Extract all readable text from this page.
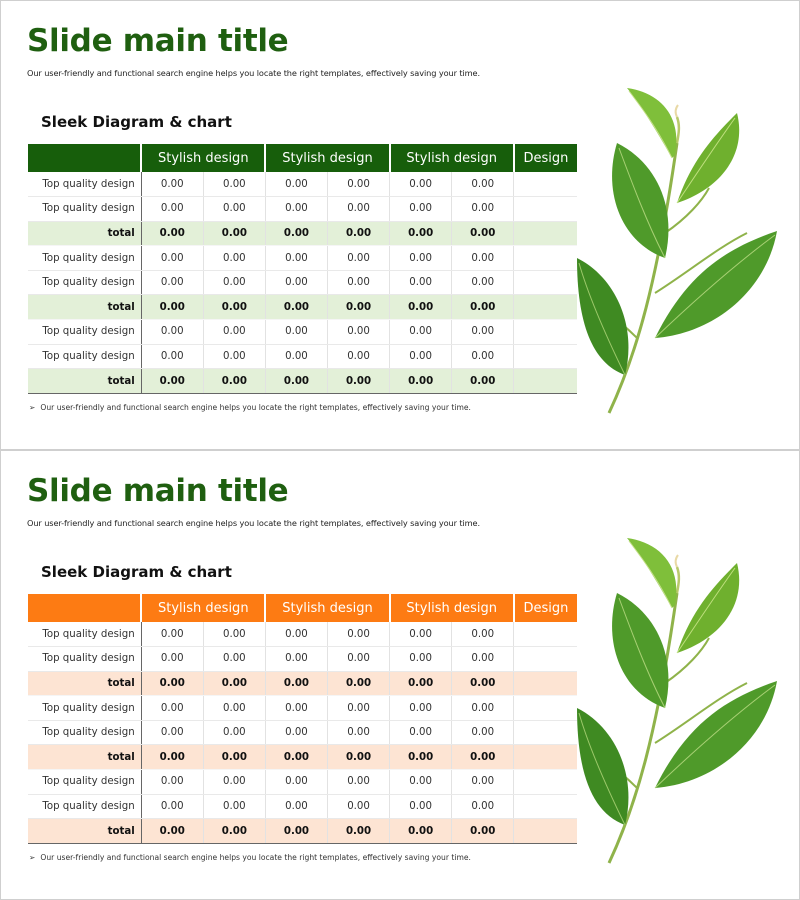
Slide main title
Our user-friendly and functional search engine helps you locate the right templates, effectively saving your time.
Sleek Diagram & chart
	Stylish design		Stylish design		Stylish design		Design
Top quality design	0.00	0.00	0.00	0.00	0.00	0.00	
Top quality design	0.00	0.00	0.00	0.00	0.00	0.00	
total	0.00	0.00	0.00	0.00	0.00	0.00	
Top quality design	0.00	0.00	0.00	0.00	0.00	0.00	
Top quality design	0.00	0.00	0.00	0.00	0.00	0.00	
total	0.00	0.00	0.00	0.00	0.00	0.00	
Top quality design	0.00	0.00	0.00	0.00	0.00	0.00	
Top quality design	0.00	0.00	0.00	0.00	0.00	0.00	
total	0.00	0.00	0.00	0.00	0.00	0.00	
➢ Our user-friendly and functional search engine helps you locate the right templates, effectively saving your time.
Slide main title
Our user-friendly and functional search engine helps you locate the right templates, effectively saving your time.
Sleek Diagram & chart
	Stylish design		Stylish design		Stylish design		Design
Top quality design	0.00	0.00	0.00	0.00	0.00	0.00	
Top quality design	0.00	0.00	0.00	0.00	0.00	0.00	
total	0.00	0.00	0.00	0.00	0.00	0.00	
Top quality design	0.00	0.00	0.00	0.00	0.00	0.00	
Top quality design	0.00	0.00	0.00	0.00	0.00	0.00	
total	0.00	0.00	0.00	0.00	0.00	0.00	
Top quality design	0.00	0.00	0.00	0.00	0.00	0.00	
Top quality design	0.00	0.00	0.00	0.00	0.00	0.00	
total	0.00	0.00	0.00	0.00	0.00	0.00	
➢ Our user-friendly and functional search engine helps you locate the right templates, effectively saving your time.
